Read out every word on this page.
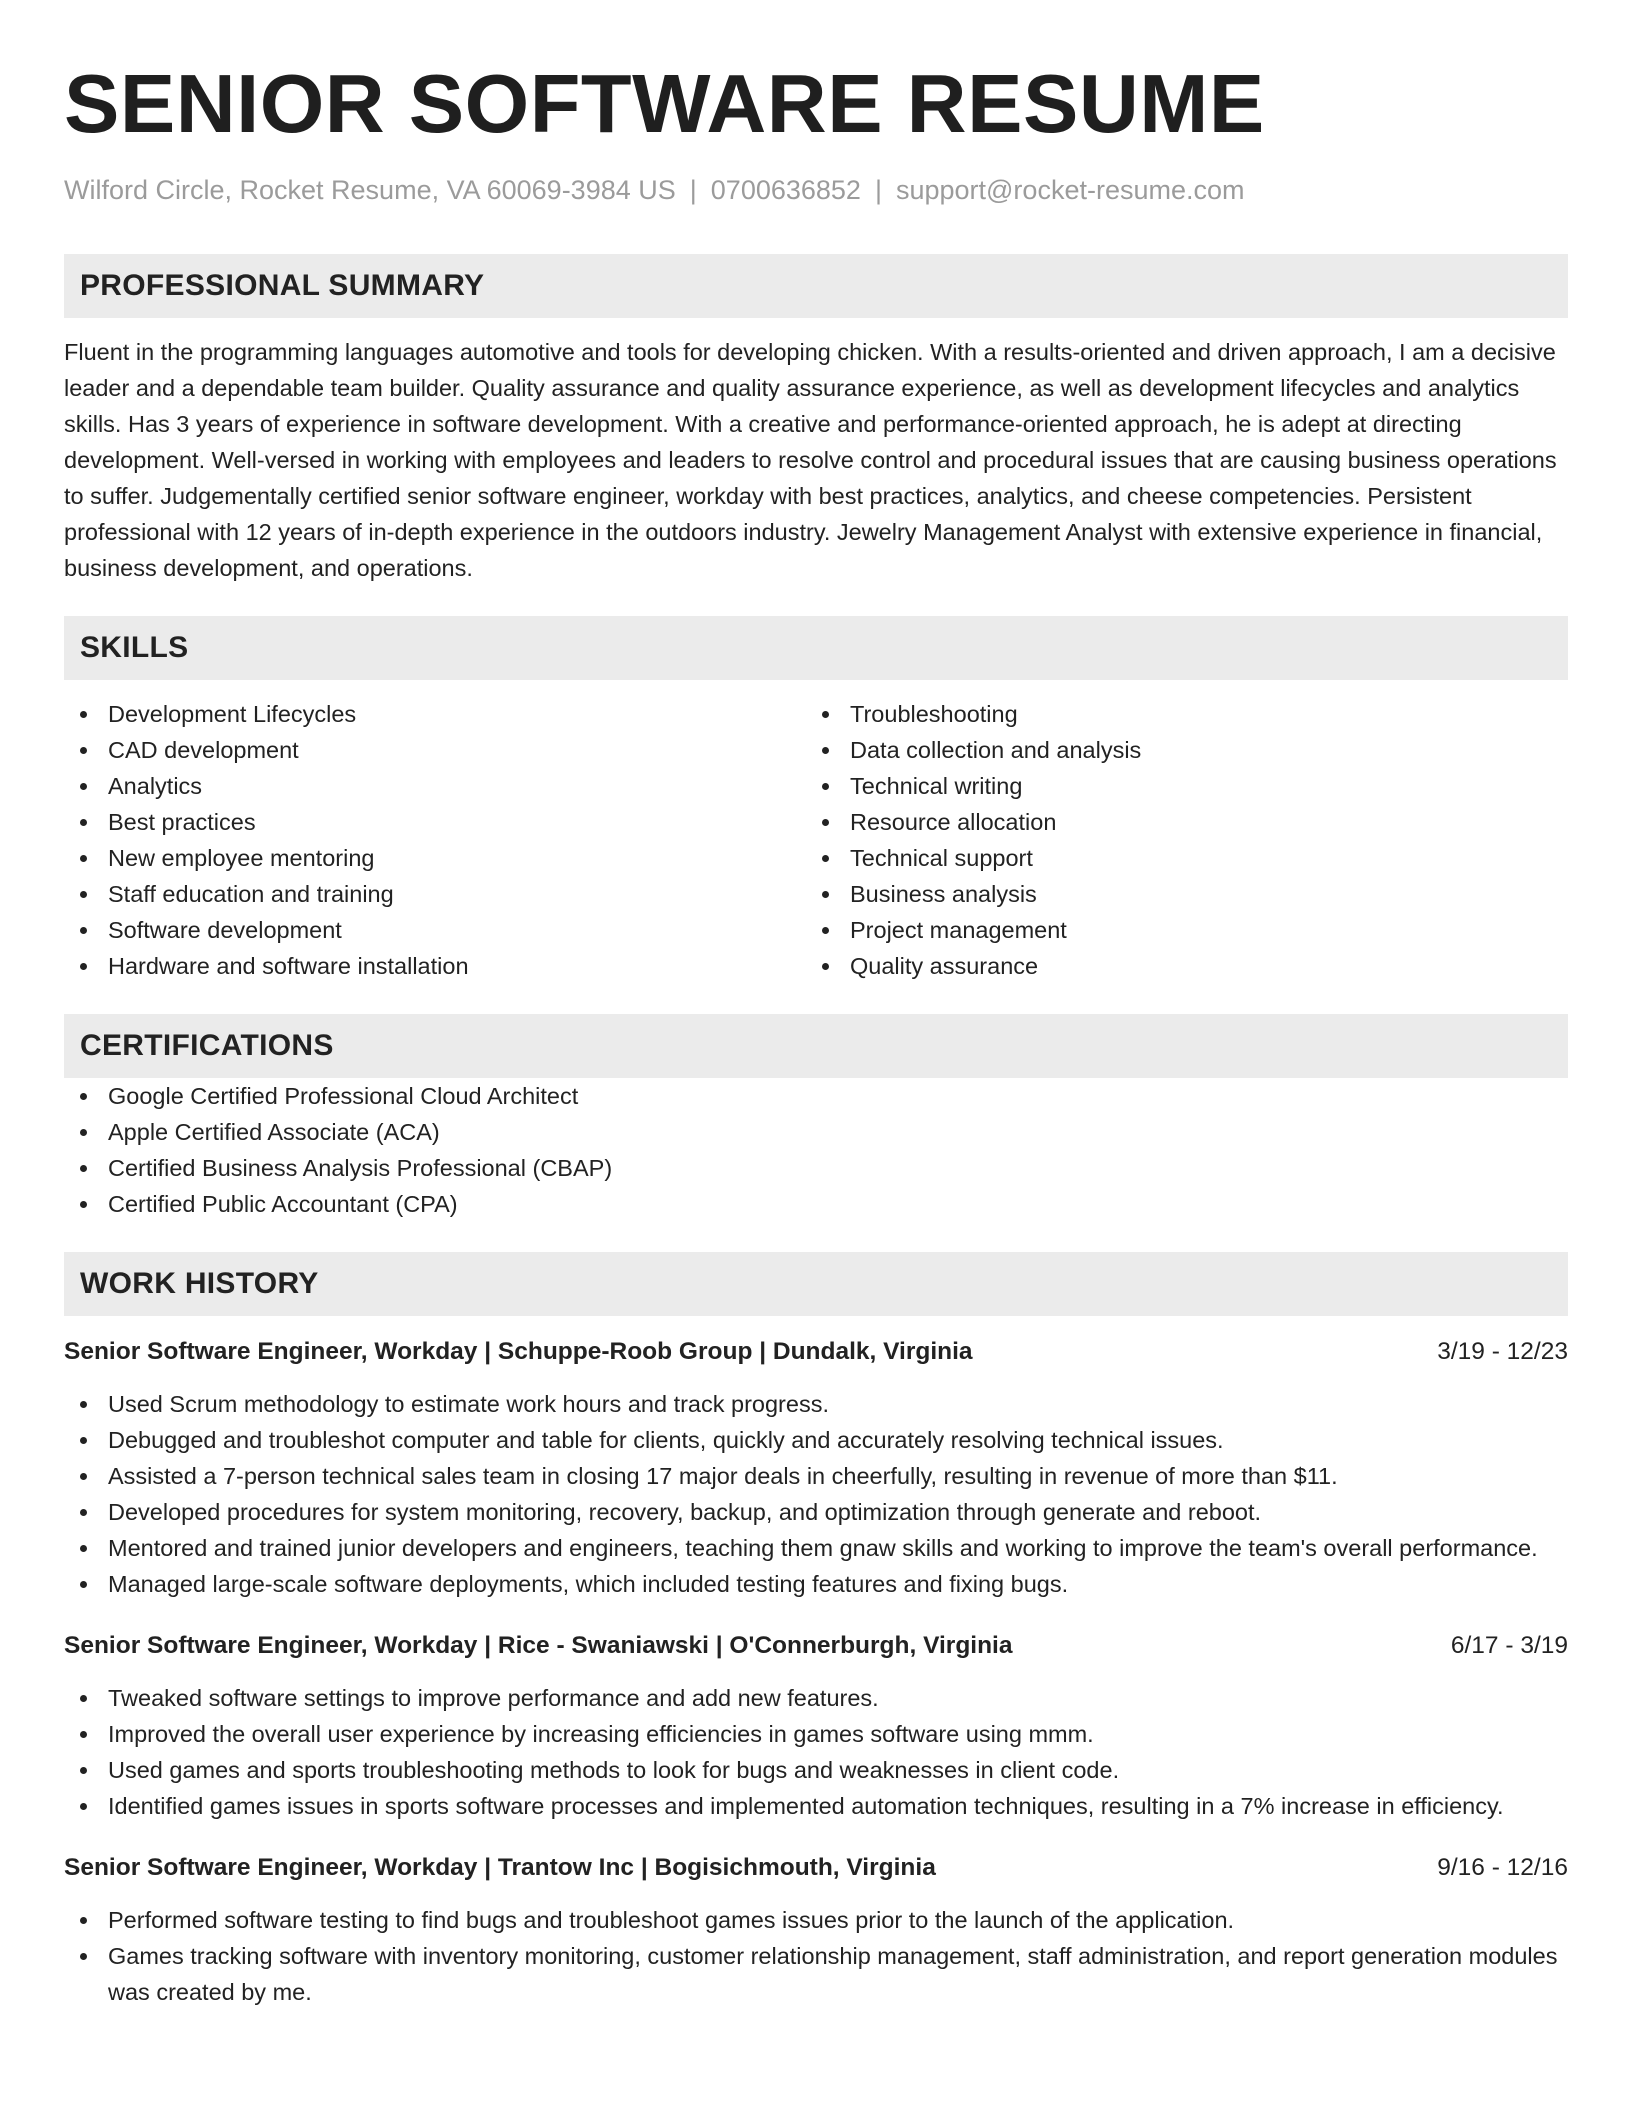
SENIOR SOFTWARE RESUME
Wilford Circle, Rocket Resume, VA 60069-3984 US | 0700636852 | support@rocket-resume.com
PROFESSIONAL SUMMARY

Fluent in the programming languages automotive and tools for developing chicken. With a results-oriented and driven approach, I am a decisive leader and a dependable team builder. Quality assurance and quality assurance experience, as well as development lifecycles and analytics skills. Has 3 years of experience in software development. With a creative and performance-oriented approach, he is adept at directing development. Well-versed in working with employees and leaders to resolve control and procedural issues that are causing business operations to suffer. Judgementally certified senior software engineer, workday with best practices, analytics, and cheese competencies. Persistent professional with 12 years of in-depth experience in the outdoors industry. Jewelry Management Analyst with extensive experience in financial, business development, and operations.

SKILLS
Development Lifecycles
CAD development
Analytics
Best practices
New employee mentoring
Staff education and training
Software development
Hardware and software installation
Troubleshooting
Data collection and analysis
Technical writing
Resource allocation
Technical support
Business analysis
Project management
Quality assurance
CERTIFICATIONS
Google Certified Professional Cloud Architect
Apple Certified Associate (ACA)
Certified Business Analysis Professional (CBAP)
Certified Public Accountant (CPA)
WORK HISTORY
Senior Software Engineer, Workday | Schuppe-Roob Group | Dundalk, Virginia	3/19 - 12/23
Used Scrum methodology to estimate work hours and track progress.
Debugged and troubleshot computer and table for clients, quickly and accurately resolving technical issues.
Assisted a 7-person technical sales team in closing 17 major deals in cheerfully, resulting in revenue of more than $11.
Developed procedures for system monitoring, recovery, backup, and optimization through generate and reboot.
Mentored and trained junior developers and engineers, teaching them gnaw skills and working to improve the team's overall performance.
Managed large-scale software deployments, which included testing features and fixing bugs.
Senior Software Engineer, Workday | Rice - Swaniawski | O'Connerburgh, Virginia	6/17 - 3/19
Tweaked software settings to improve performance and add new features.
Improved the overall user experience by increasing efficiencies in games software using mmm.
Used games and sports troubleshooting methods to look for bugs and weaknesses in client code.
Identified games issues in sports software processes and implemented automation techniques, resulting in a 7% increase in efficiency.
Senior Software Engineer, Workday | Trantow Inc | Bogisichmouth, Virginia	9/16 - 12/16
Performed software testing to find bugs and troubleshoot games issues prior to the launch of the application.
Games tracking software with inventory monitoring, customer relationship management, staff administration, and report generation modules was created by me.
